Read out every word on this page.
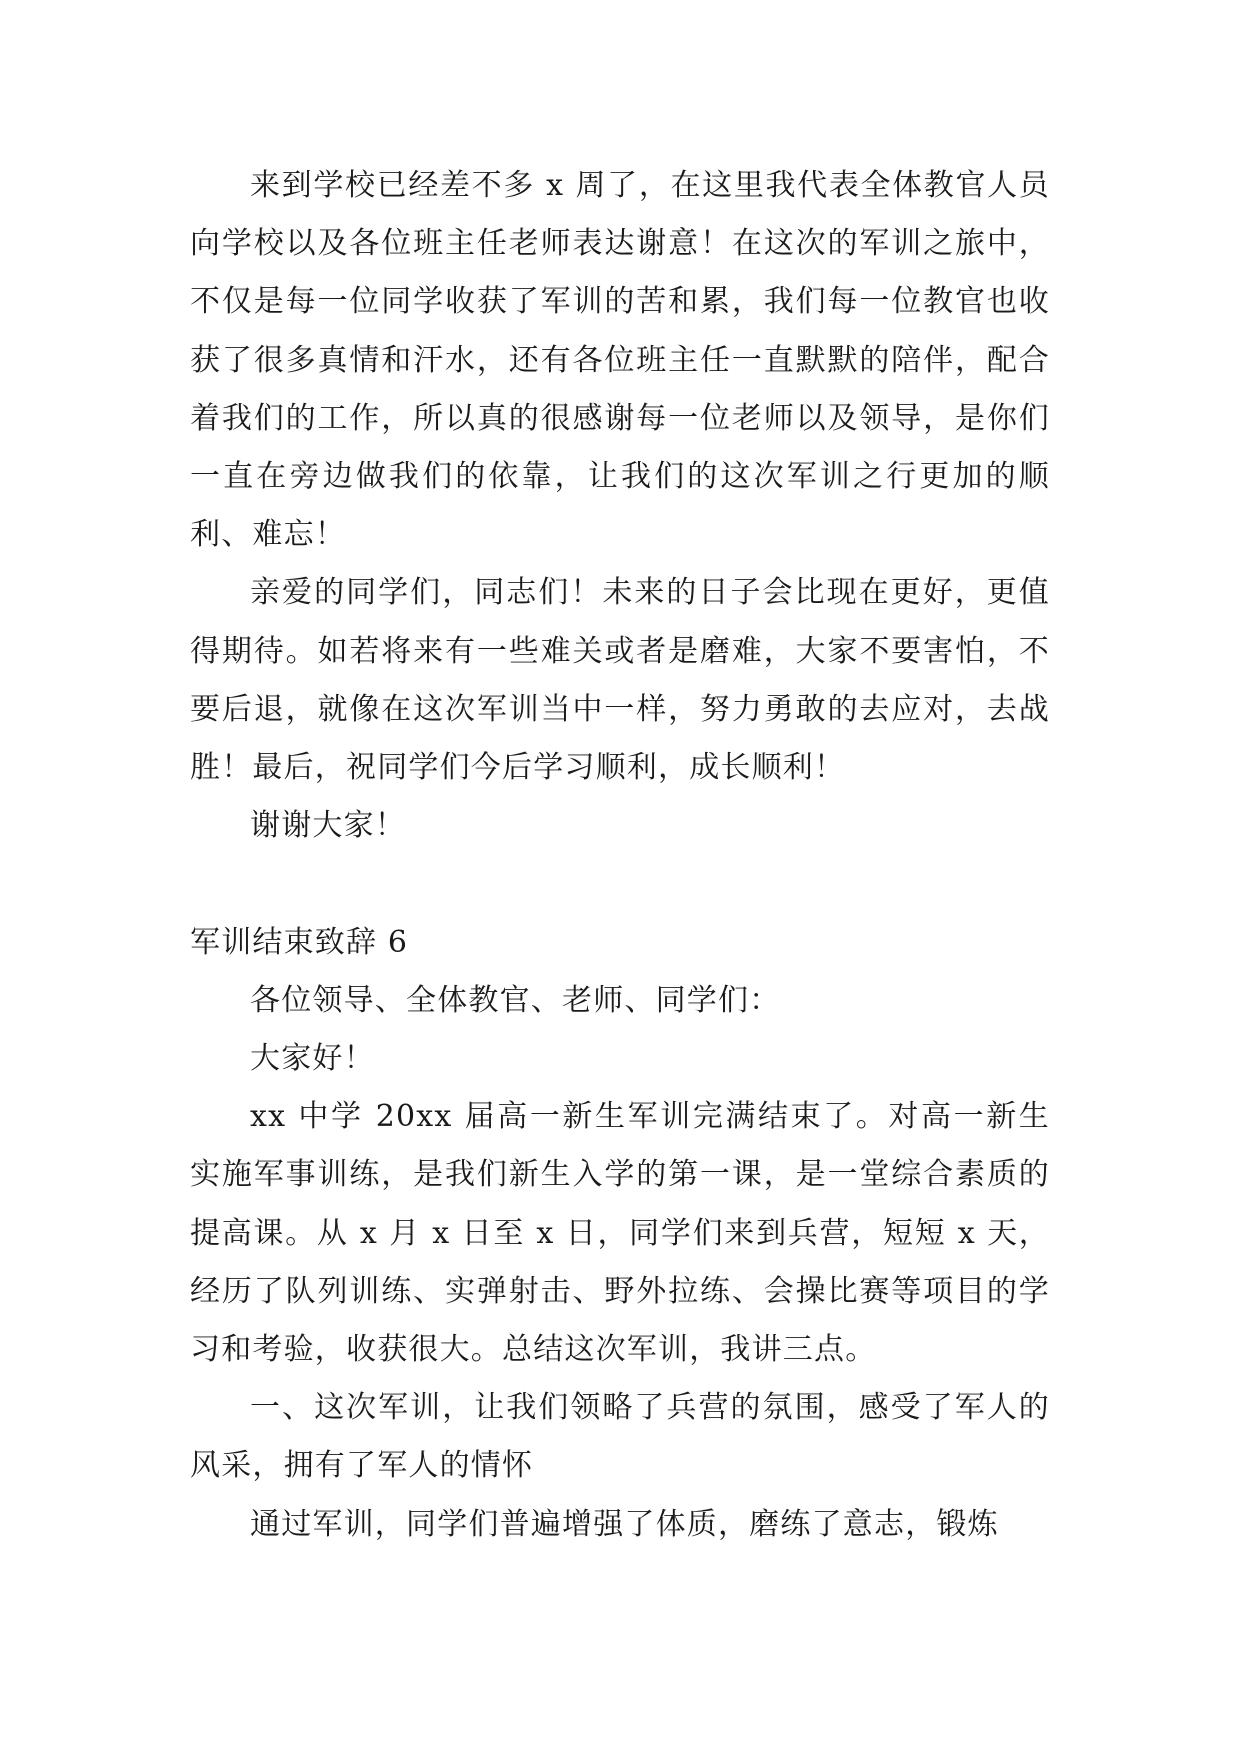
来到学校已经差不多 x 周了，在这里我代表全体教官人员向学校以及各位班主任老师表达谢意！在这次的军训之旅中，不仅是每一位同学收获了军训的苦和累，我们每一位教官也收获了很多真情和汗水，还有各位班主任一直默默的陪伴，配合着我们的工作，所以真的很感谢每一位老师以及领导，是你们一直在旁边做我们的依靠，让我们的这次军训之行更加的顺利、难忘！

亲爱的同学们，同志们！未来的日子会比现在更好，更值得期待。如若将来有一些难关或者是磨难，大家不要害怕，不要后退，就像在这次军训当中一样，努力勇敢的去应对，去战胜！最后，祝同学们今后学习顺利，成长顺利！

谢谢大家！

军训结束致辞 6

各位领导、全体教官、老师、同学们：

大家好！

xx 中学 20xx 届高一新生军训完满结束了。对高一新生实施军事训练，是我们新生入学的第一课，是一堂综合素质的提高课。从 x 月 x 日至 x 日，同学们来到兵营，短短 x 天，经历了队列训练、实弹射击、野外拉练、会操比赛等项目的学习和考验，收获很大。总结这次军训，我讲三点。

一、这次军训，让我们领略了兵营的氛围，感受了军人的风采，拥有了军人的情怀

通过军训，同学们普遍增强了体质，磨练了意志，锻炼
